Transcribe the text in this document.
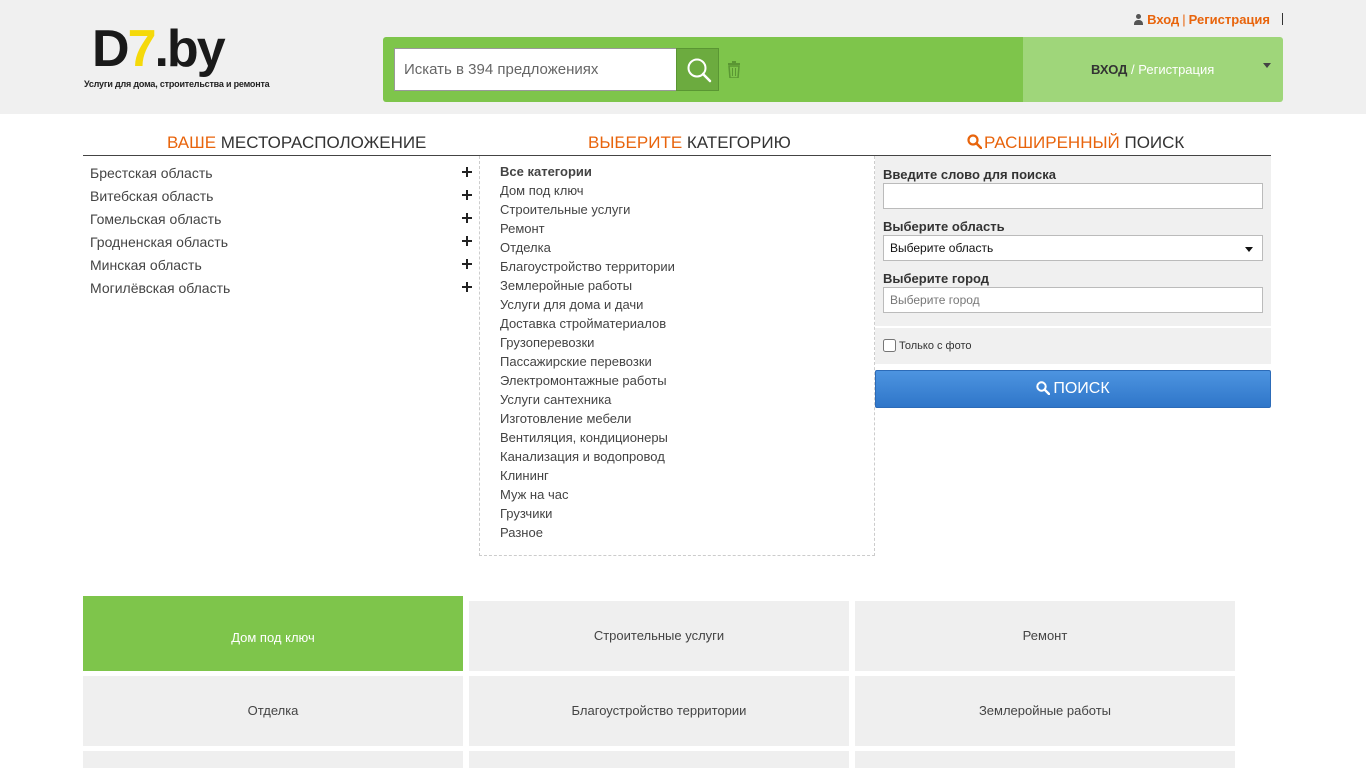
D7.by
Услуги для дома, строительства и ремонта
Вход | Регистрация
Искать в 394 предложениях
ВХОД / Регистрация
ВАШЕ МЕСТОРАСПОЛОЖЕНИЕ	ВЫБЕРИТЕ КАТЕГОРИЮ	РАСШИРЕННЫЙ ПОИСК
Брестская область
Витебская область
Гомельская область
Гродненская область
Минская область
Могилёвская область
Все категории
Дом под ключ
Строительные услуги
Ремонт
Отделка
Благоустройство территории
Землеройные работы
Услуги для дома и дачи
Доставка стройматериалов
Грузоперевозки
Пассажирские перевозки
Электромонтажные работы
Услуги сантехника
Изготовление мебели
Вентиляция, кондиционеры
Канализация и водопровод
Клининг
Муж на час
Грузчики
Разное
Введите слово для поиска
Выберите область
Выберите область
Выберите город
Выберите город
Только с фото
ПОИСК
Дом под ключ	Строительные услуги	Ремонт
Отделка	Благоустройство территории	Землеройные работы
